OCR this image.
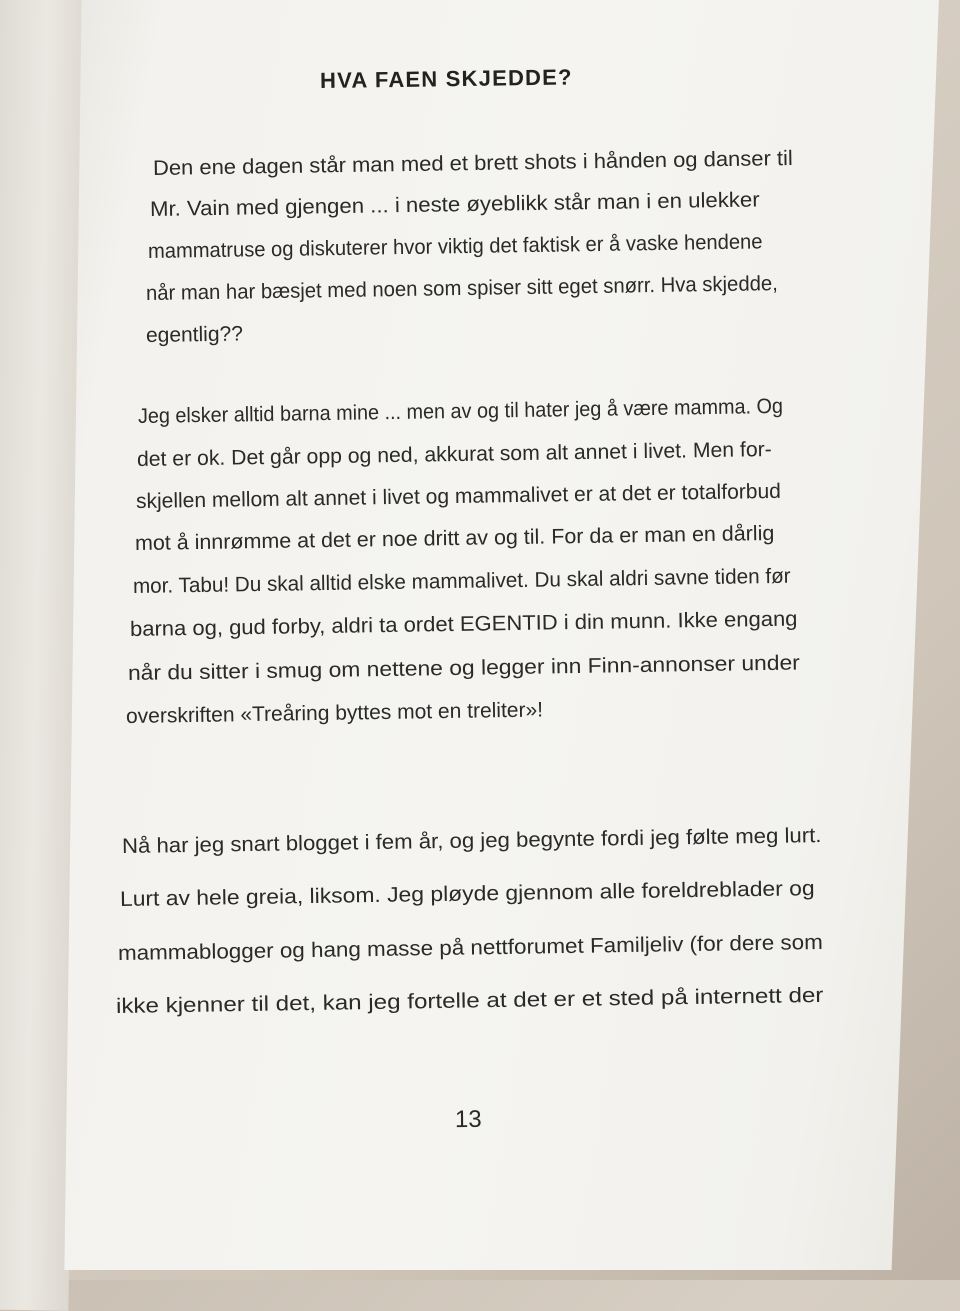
HVA FAEN SKJEDDE?
Den ene dagen står man med et brett shots i hånden og danser til
Mr. Vain med gjengen ... i neste øyeblikk står man i en ulekker
mammatruse og diskuterer hvor viktig det faktisk er å vaske hendene
når man har bæsjet med noen som spiser sitt eget snørr. Hva skjedde,
egentlig??
Jeg elsker alltid barna mine ... men av og til hater jeg å være mamma. Og
det er ok. Det går opp og ned, akkurat som alt annet i livet. Men for-
skjellen mellom alt annet i livet og mammalivet er at det er totalforbud
mot å innrømme at det er noe dritt av og til. For da er man en dårlig
mor. Tabu! Du skal alltid elske mammalivet. Du skal aldri savne tiden før
barna og, gud forby, aldri ta ordet EGENTID i din munn. Ikke engang
når du sitter i smug om nettene og legger inn Finn-annonser under
overskriften «Treåring byttes mot en treliter»!
Nå har jeg snart blogget i fem år, og jeg begynte fordi jeg følte meg lurt.
Lurt av hele greia, liksom. Jeg pløyde gjennom alle foreldreblader og
mammablogger og hang masse på nettforumet Familjeliv (for dere som
ikke kjenner til det, kan jeg fortelle at det er et sted på internett der
13
